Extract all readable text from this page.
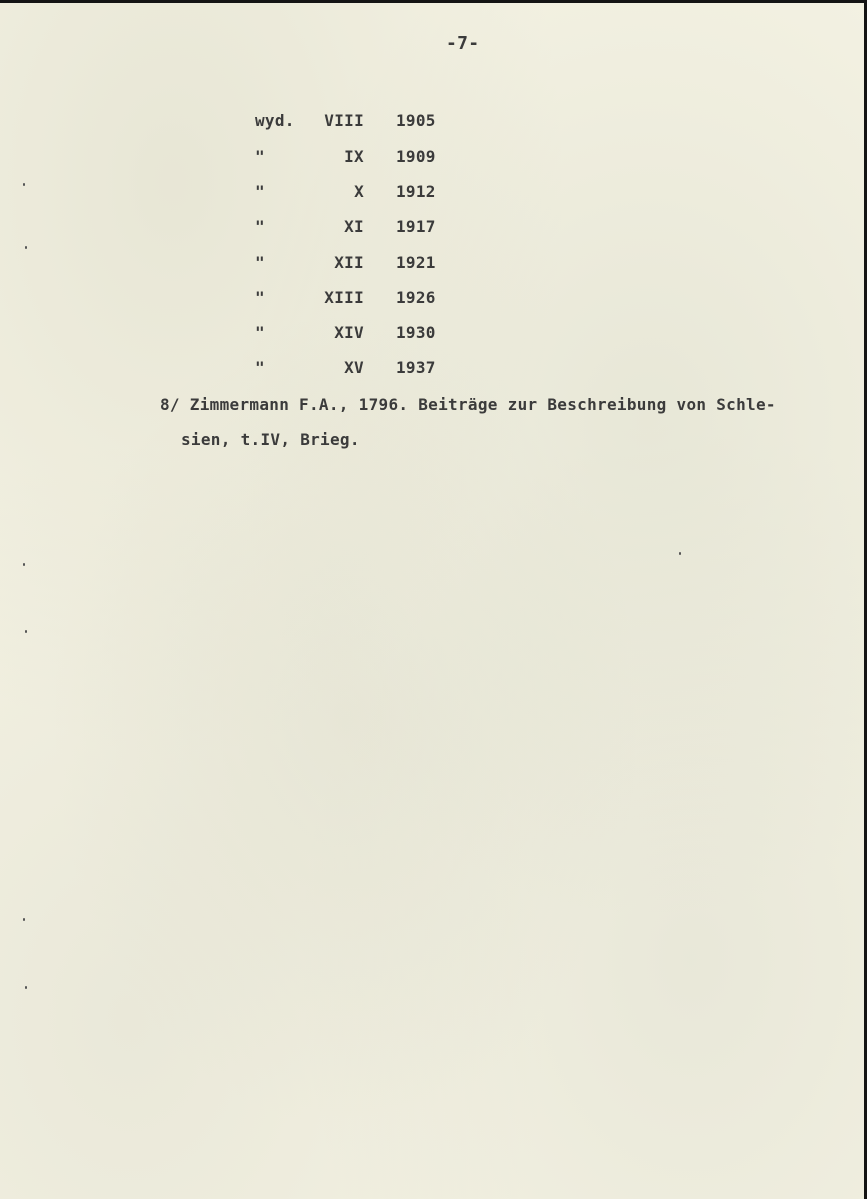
-7-
wyd. VIII 1905
"	IX 1909
"	X 1912
"	XI 1917
"	XII 1921
"	XIII 1926
"	XIV 1930
"	XV 1937
8/ Zimmermann F.A., 1796. Beiträge zur Beschreibung von Schle-
sien, t.IV, Brieg.
